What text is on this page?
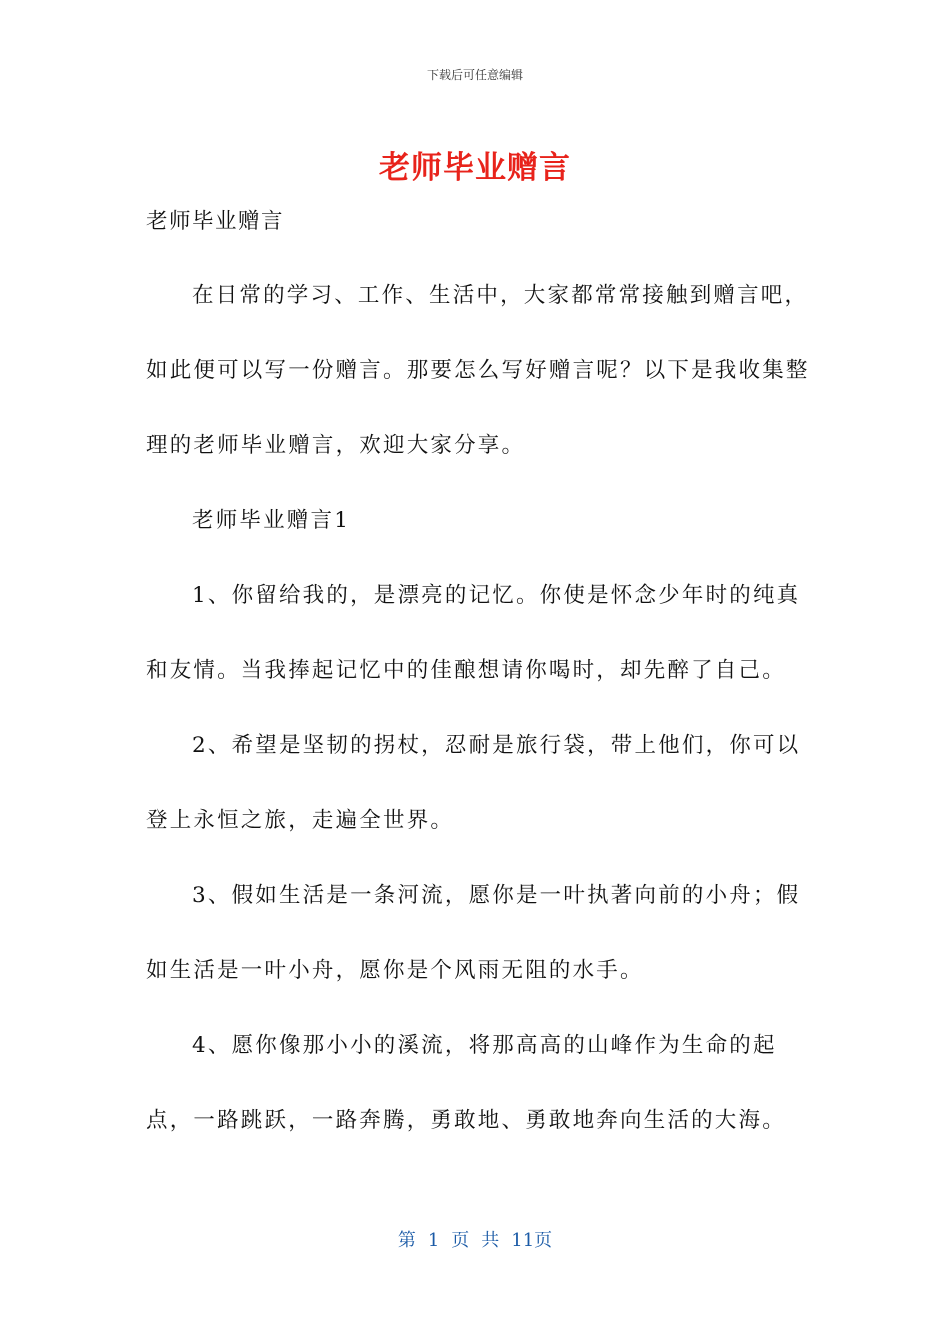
下载后可任意编辑
老师毕业赠言

老师毕业赠言

在日常的学习、工作、生活中，大家都常常接触到赠言吧，如此便可以写一份赠言。那要怎么写好赠言呢？以下是我收集整理的老师毕业赠言，欢迎大家分享。

老师毕业赠言1

1、你留给我的，是漂亮的记忆。你使是怀念少年时的纯真和友情。当我捧起记忆中的佳酿想请你喝时，却先醉了自己。

2、希望是坚韧的拐杖，忍耐是旅行袋，带上他们，你可以登上永恒之旅，走遍全世界。

3、假如生活是一条河流，愿你是一叶执著向前的小舟；假如生活是一叶小舟，愿你是个风雨无阻的水手。

4、愿你像那小小的溪流，将那高高的山峰作为生命的起点，一路跳跃，一路奔腾，勇敢地、勇敢地奔向生活的大海。

第 1 页 共 11页
